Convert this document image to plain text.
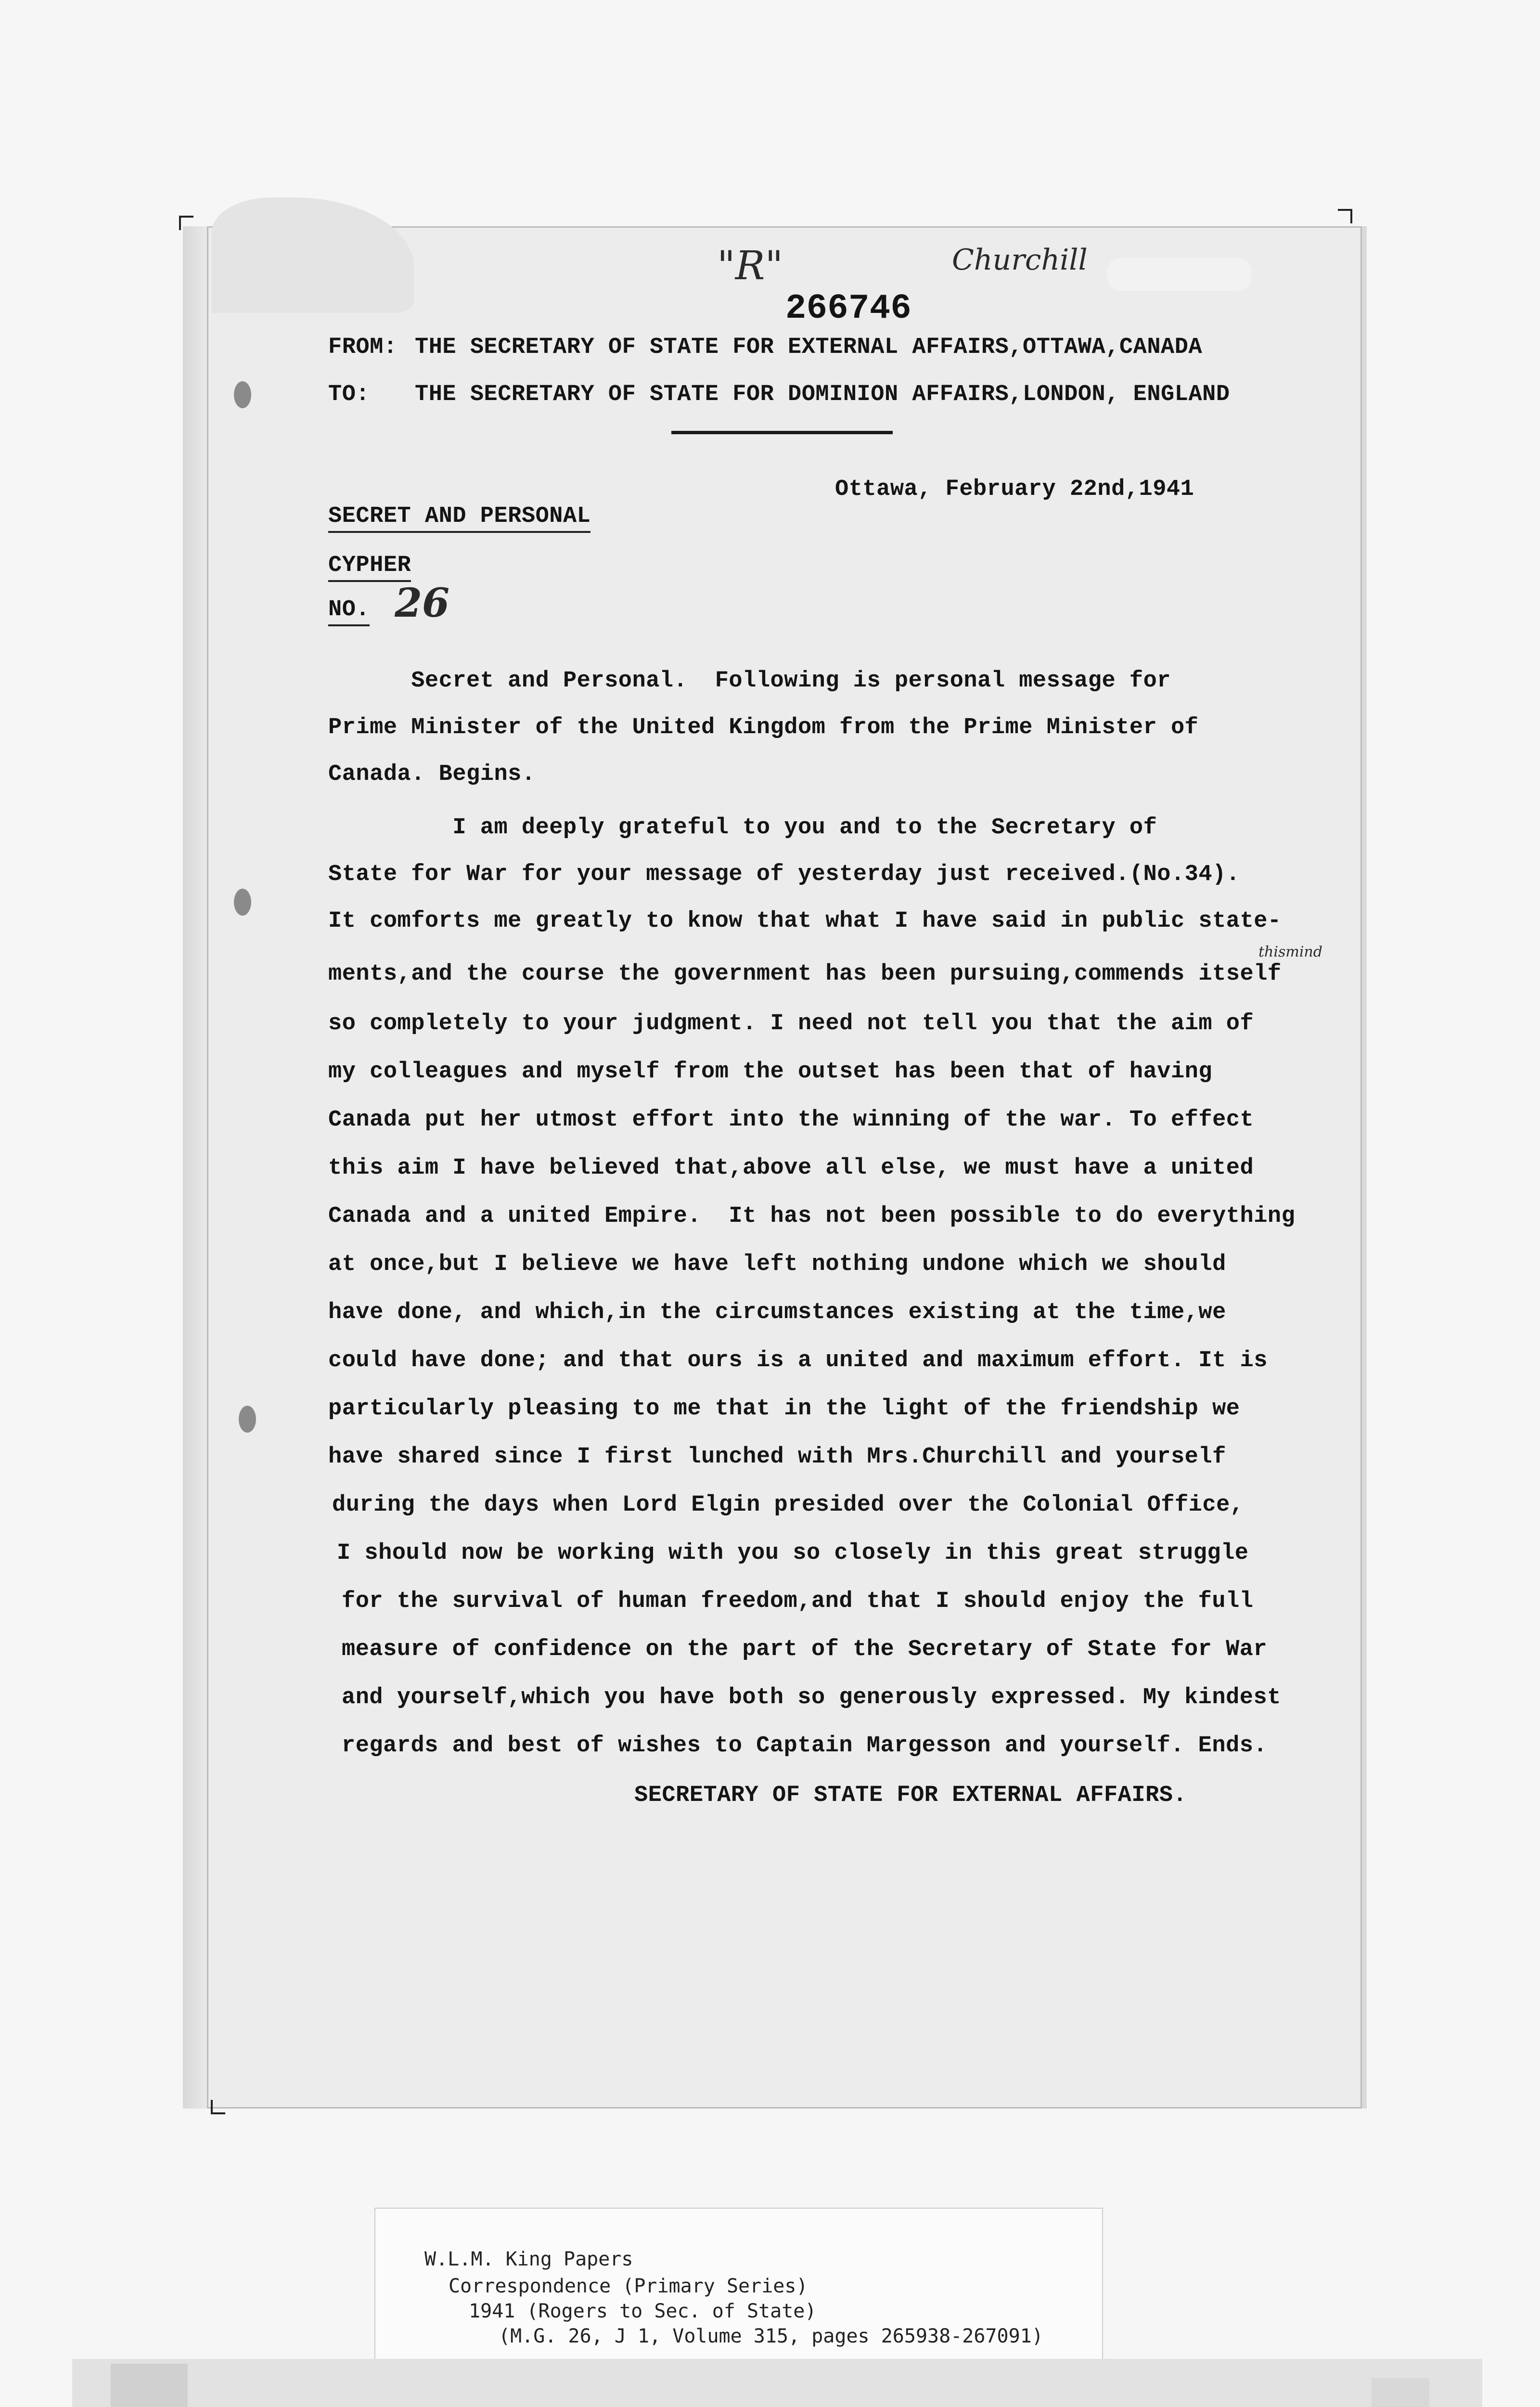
"R"	Churchill
266746
FROM: THE SECRETARY OF STATE FOR EXTERNAL AFFAIRS,OTTAWA,CANADA
TO: THE SECRETARY OF STATE FOR DOMINION AFFAIRS,LONDON, ENGLAND
Ottawa, February 22nd,1941
SECRET AND PERSONAL
CYPHER
NO. 26
thismind
Secret and Personal.  Following is personal message for
Prime Minister of the United Kingdom from the Prime Minister of
Canada. Begins.
I am deeply grateful to you and to the Secretary of
State for War for your message of yesterday just received.(No.34).
It comforts me greatly to know that what I have said in public state-
ments,and the course the government has been pursuing,commends itself
so completely to your judgment. I need not tell you that the aim of
my colleagues and myself from the outset has been that of having
Canada put her utmost effort into the winning of the war. To effect
this aim I have believed that,above all else, we must have a united
Canada and a united Empire.  It has not been possible to do everything
at once,but I believe we have left nothing undone which we should
have done, and which,in the circumstances existing at the time,we
could have done; and that ours is a united and maximum effort. It is
particularly pleasing to me that in the light of the friendship we
have shared since I first lunched with Mrs.Churchill and yourself
during the days when Lord Elgin presided over the Colonial Office,
I should now be working with you so closely in this great struggle
for the survival of human freedom,and that I should enjoy the full
measure of confidence on the part of the Secretary of State for War
and yourself,which you have both so generously expressed. My kindest
regards and best of wishes to Captain Margesson and yourself. Ends.
SECRETARY OF STATE FOR EXTERNAL AFFAIRS.
W.L.M. King Papers
Correspondence (Primary Series)
1941 (Rogers to Sec. of State)
(M.G. 26, J 1, Volume 315, pages 265938-267091)
